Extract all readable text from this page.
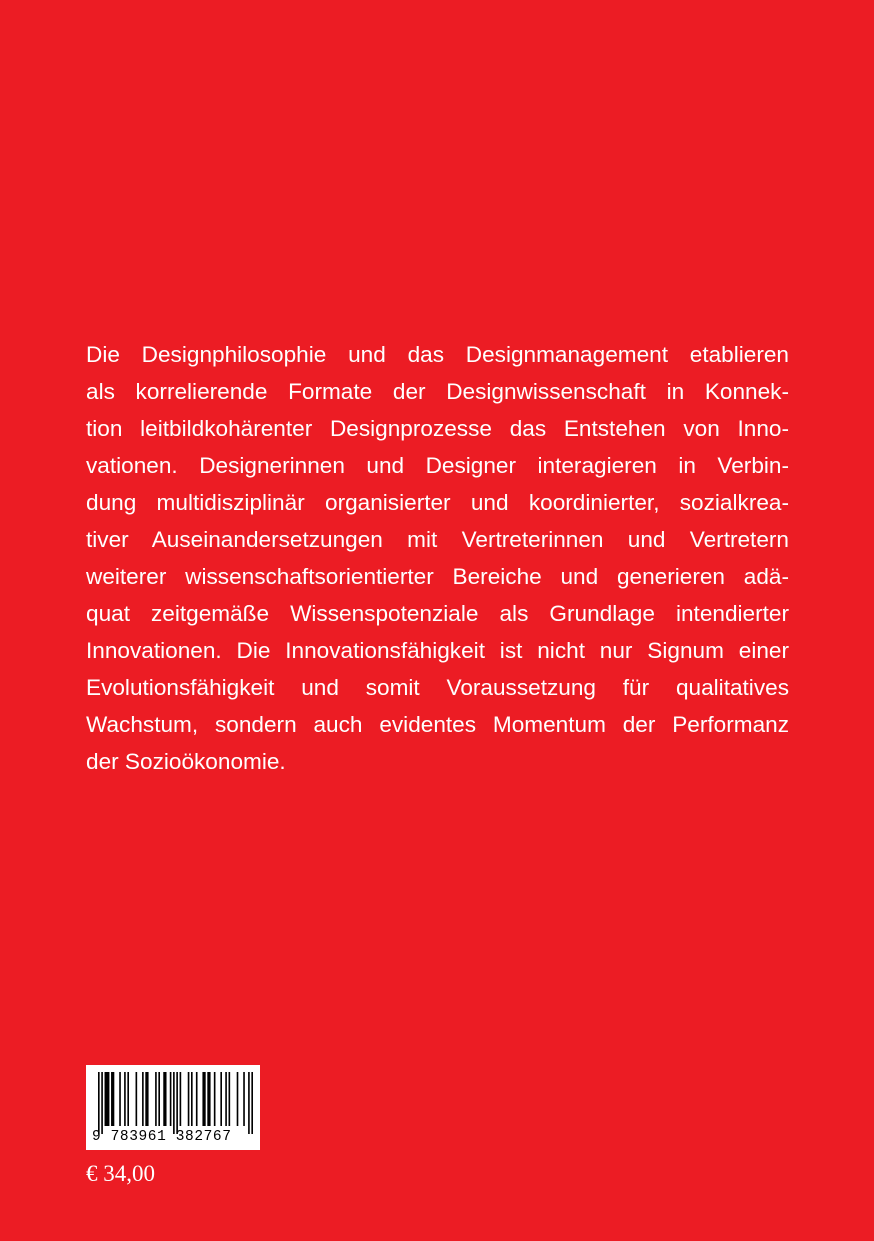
Die Designphilosophie und das Designmanagement etablieren
als korrelierende Formate der Designwissenschaft in Konnek-
tion leitbildkohärenter Designprozesse das Entstehen von Inno-
vationen. Designerinnen und Designer interagieren in Verbin-
dung multidisziplinär organisierter und koordinierter, sozialkrea-
tiver Auseinandersetzungen mit Vertreterinnen und Vertretern
weiterer wissenschaftsorientierter Bereiche und generieren adä-
quat zeitgemäße Wissenspotenziale als Grundlage intendierter
Innovationen. Die Innovationsfähigkeit ist nicht nur Signum einer
Evolutionsfähigkeit und somit Voraussetzung für qualitatives
Wachstum, sondern auch evidentes Momentum der Performanz
der Sozioökonomie.
9 783961 382767
€ 34,00
